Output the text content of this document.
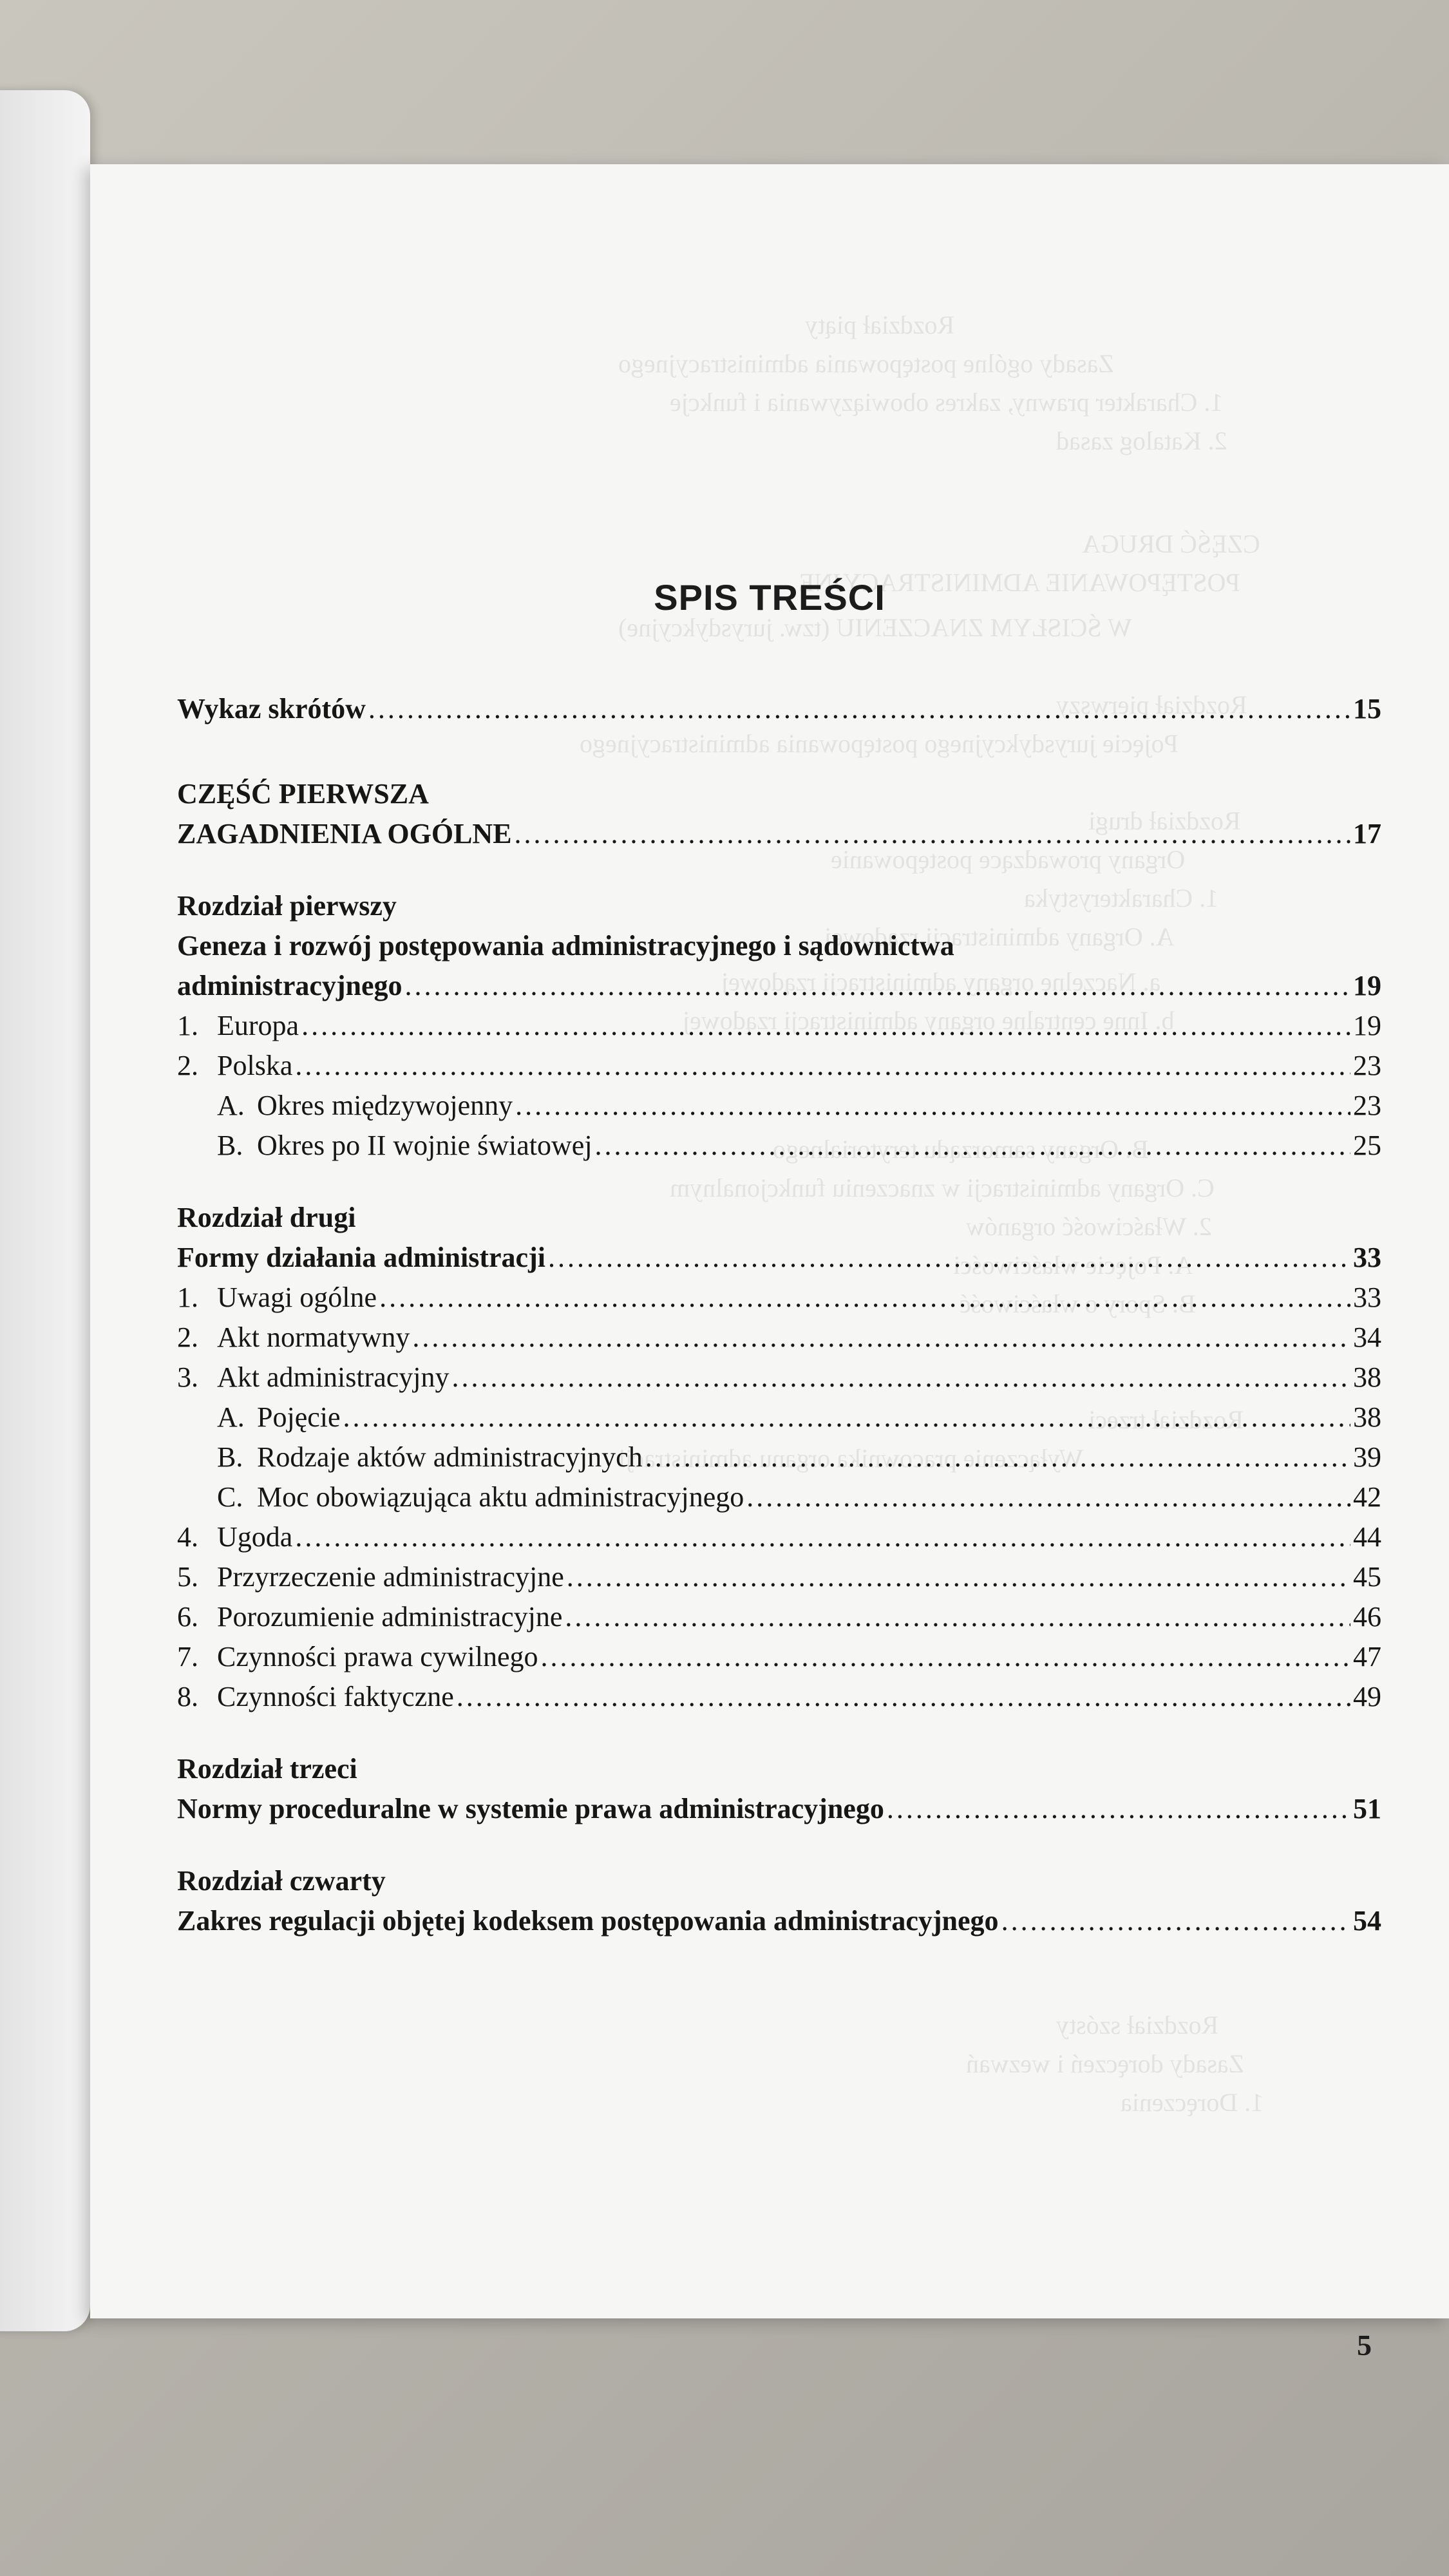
Rozdział piąty
Zasady ogólne postępowania administracyjnego
1. Charakter prawny, zakres obowiązywania i funkcje
2. Katalog zasad
CZĘŚĆ DRUGA
POSTĘPOWANIE ADMINISTRACYJNE
W ŚCISŁYM ZNACZENIU (tzw. jurysdykcyjne)
Rozdział pierwszy
Pojęcie jurysdykcyjnego postępowania administracyjnego
Rozdział drugi
Organy prowadzące postępowanie
1. Charakterystyka
A. Organy administracji rządowej
a. Naczelne organy administracji rządowej
b. Inne centralne organy administracji rządowej
B. Organy samorządu terytorialnego
C. Organy administracji w znaczeniu funkcjonalnym
2. Właściwość organów
A. Pojęcie właściwości
B. Spory o właściwość
Rozdział trzeci
Wyłączenie pracownika organu administracji
Rozdział szósty
Zasady doręczeń i wezwań
1. Doręczenia
SPIS TREŚCI
Wykaz skrótów .....	15
CZĘŚĆ PIERWSZA
ZAGADNIENIA OGÓLNE .....	17
Rozdział pierwszy
Geneza i rozwój postępowania administracyjnego i sądownictwa
administracyjnego .....	19
1. Europa .....	19
2. Polska .....	23
A. Okres międzywojenny .....	23
B. Okres po II wojnie światowej .....	25
Rozdział drugi
Formy działania administracji .....	33
1. Uwagi ogólne .....	33
2. Akt normatywny .....	34
3. Akt administracyjny .....	38
A. Pojęcie .....	38
B. Rodzaje aktów administracyjnych .....	39
C. Moc obowiązująca aktu administracyjnego .....	42
4. Ugoda .....	44
5. Przyrzeczenie administracyjne .....	45
6. Porozumienie administracyjne .....	46
7. Czynności prawa cywilnego .....	47
8. Czynności faktyczne .....	49
Rozdział trzeci
Normy proceduralne w systemie prawa administracyjnego .....	51
Rozdział czwarty
Zakres regulacji objętej kodeksem postępowania administracyjnego .....	54
5
